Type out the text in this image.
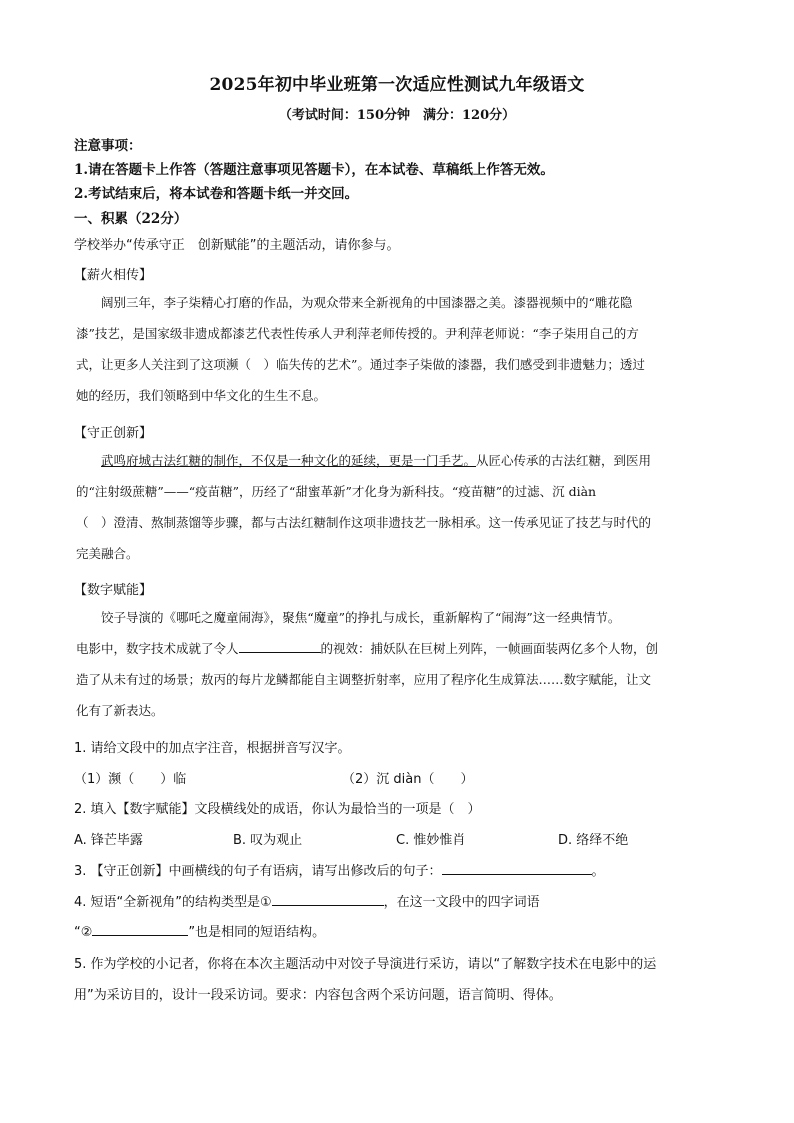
2025年初中毕业班第一次适应性测试九年级语文
（考试时间：150分钟　满分：120分）
注意事项：
1.请在答题卡上作答（答题注意事项见答题卡），在本试卷、草稿纸上作答无效。
2.考试结束后，将本试卷和答题卡纸一并交回。
一、积累（22分）
学校举办“传承守正　创新赋能”的主题活动，请你参与。
【薪火相传】
阔别三年，李子柒精心打磨的作品，为观众带来全新视角的中国漆器之美。漆器视频中的“雕花隐
漆”技艺，是国家级非遗成都漆艺代表性传承人尹利萍老师传授的。尹利萍老师说：“李子柒用自己的方
式，让更多人关注到了这项濒（　）临失传的艺术”。通过李子柒做的漆器，我们感受到非遗魅力；透过
她的经历，我们领略到中华文化的生生不息。
【守正创新】
武鸣府城古法红糖的制作，不仅是一种文化的延续，更是一门手艺。从匠心传承的古法红糖，到医用
的“注射级蔗糖”——“疫苗糖”，历经了“甜蜜革新”才化身为新科技。“疫苗糖”的过滤、沉 diàn
（　）澄清、熬制蒸馏等步骤，都与古法红糖制作这项非遗技艺一脉相承。这一传承见证了技艺与时代的
完美融合。
【数字赋能】
饺子导演的《哪吒之魔童闹海》，聚焦“魔童”的挣扎与成长，重新解构了“闹海”这一经典情节。
电影中，数字技术成就了令人	的视效：捕妖队在巨树上列阵，一帧画面装两亿多个人物，创
造了从未有过的场景；敖丙的每片龙鳞都能自主调整折射率，应用了程序化生成算法……数字赋能，让文
化有了新表达。
1. 请给文段中的加点字注音，根据拼音写汉字。
（1）濒（　　）临	（2）沉 diàn（　　）
2. 填入【数字赋能】文段横线处的成语，你认为最恰当的一项是（　）
A. 锋芒毕露	B. 叹为观止	C. 惟妙惟肖	D. 络绎不绝
3. 【守正创新】中画横线的句子有语病，请写出修改后的句子：	。
4. 短语“全新视角”的结构类型是①	，在这一文段中的四字词语
“②	”也是相同的短语结构。
5. 作为学校的小记者，你将在本次主题活动中对饺子导演进行采访，请以“了解数字技术在电影中的运
用”为采访目的，设计一段采访词。要求：内容包含两个采访问题，语言简明、得体。
